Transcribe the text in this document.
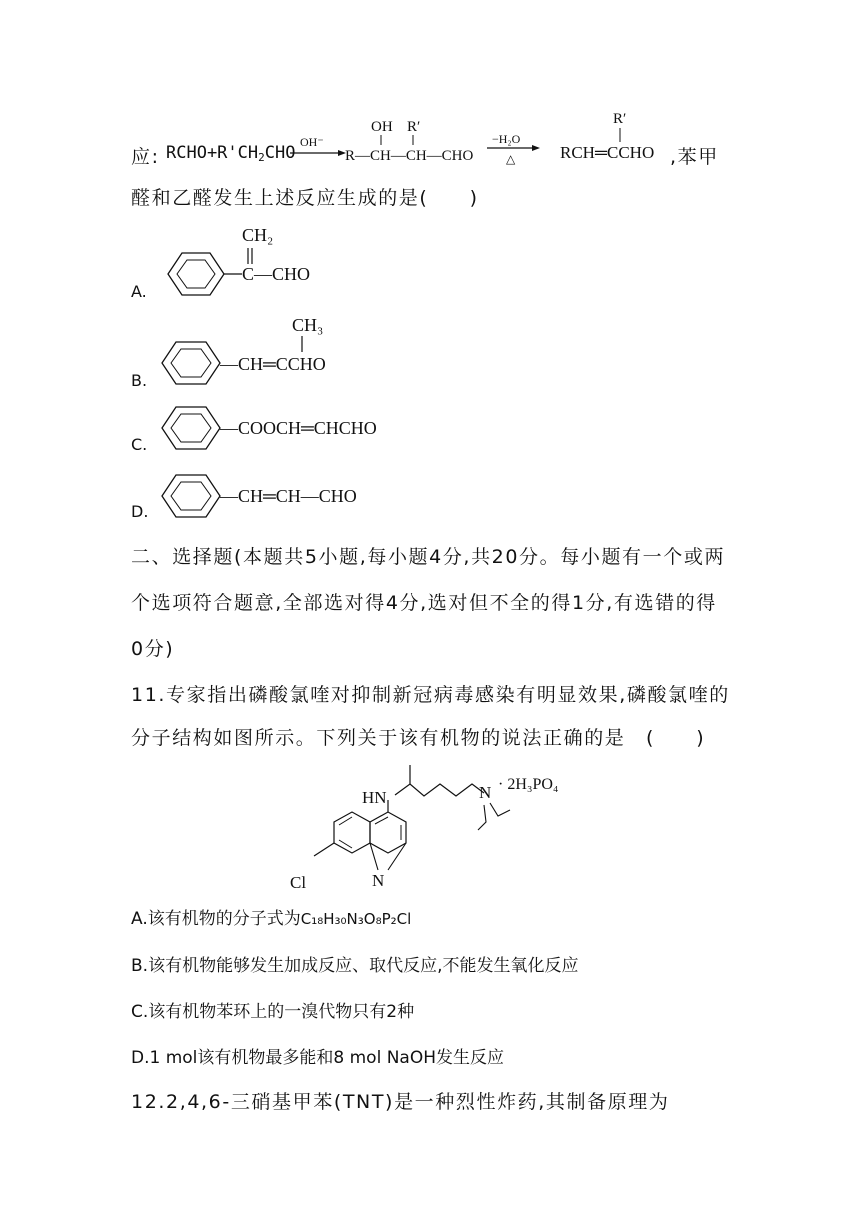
应: $RCHO+R'CH_2CHO$
OH⁻
OH R′
R—CH—CH—CHO
−H₂O
△
R′
RCH═CCHO ,苯甲
醛和乙醛发生上述反应生成的是(　　)
CH₂
C—CHO
CH₃
—CH═CCHO
—COOCH═CHCHO
—CH═CH—CHO
A.
B.
C.
D.
二、选择题(本题共5小题,每小题4分,共20分。每小题有一个或两
个选项符合题意,全部选对得4分,选对但不全的得1分,有选错的得
0分)
11.专家指出磷酸氯喹对抑制新冠病毒感染有明显效果,磷酸氯喹的
分子结构如图所示。下列关于该有机物的说法正确的是　(　　)
HN	N · 2H₃PO₄
Cl	N
A.该有机物的分子式为C₁₈H₃₀N₃O₈P₂Cl
B.该有机物能够发生加成反应、取代反应,不能发生氧化反应
C.该有机物苯环上的一溴代物只有2种
D.1 mol该有机物最多能和8 mol NaOH发生反应
12.2,4,6-三硝基甲苯(TNT)是一种烈性炸药,其制备原理为
